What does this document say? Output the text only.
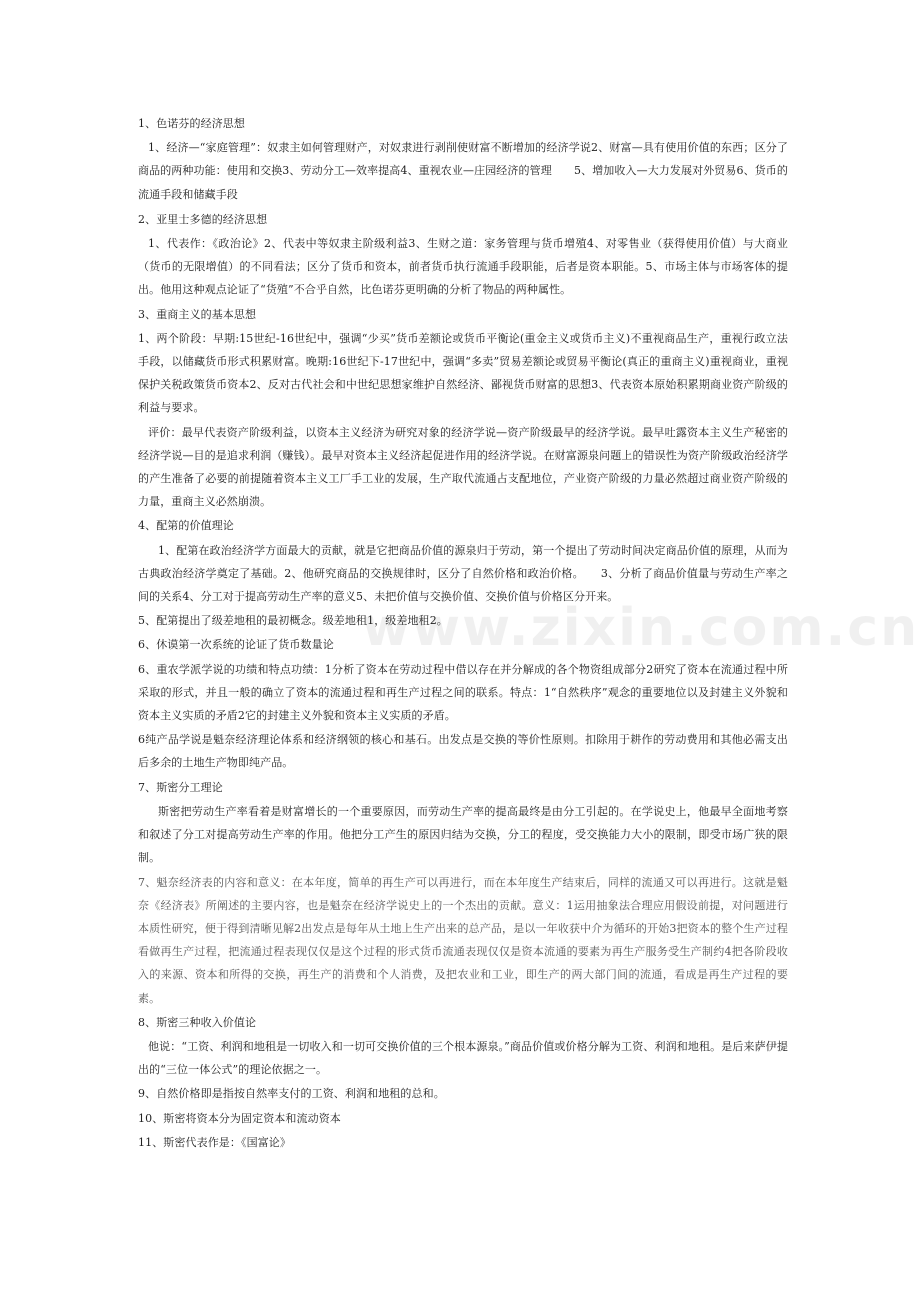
www.zixin.com.cn

1、色诺芬的经济思想

1、经济—“家庭管理”：奴隶主如何管理财产，对奴隶进行剥削使财富不断增加的经济学说2、财富—具有使用价值的东西；区分了商品的两种功能：使用和交换3、劳动分工—效率提高4、重视农业—庄园经济的管理　　5、增加收入—大力发展对外贸易6、货币的流通手段和储藏手段

2、亚里士多德的经济思想

1、代表作：《政治论》2、代表中等奴隶主阶级利益3、生财之道：家务管理与货币增殖4、对零售业（获得使用价值）与大商业（货币的无限增值）的不同看法；区分了货币和资本，前者货币执行流通手段职能，后者是资本职能。5、市场主体与市场客体的提出。他用这种观点论证了“货殖”不合乎自然，比色诺芬更明确的分析了物品的两种属性。

3、重商主义的基本思想

1、两个阶段：早期:15世纪-16世纪中，强调“少买”货币差额论或货币平衡论(重金主义或货币主义)不重视商品生产，重视行政立法手段，以储藏货币形式积累财富。晚期:16世纪下-17世纪中，强调“多卖”贸易差额论或贸易平衡论(真正的重商主义)重视商业，重视保护关税政策货币资本2、反对古代社会和中世纪思想家维护自然经济、鄙视货币财富的思想3、代表资本原始积累期商业资产阶级的利益与要求。

评价：最早代表资产阶级利益，以资本主义经济为研究对象的经济学说—资产阶级最早的经济学说。最早吐露资本主义生产秘密的经济学说—目的是追求利润（赚钱）。最早对资本主义经济起促进作用的经济学说。在财富源泉问题上的错误性为资产阶级政治经济学的产生准备了必要的前提随着资本主义工厂手工业的发展，生产取代流通占支配地位，产业资产阶级的力量必然超过商业资产阶级的力量，重商主义必然崩溃。

4、配第的价值理论

1、配第在政治经济学方面最大的贡献，就是它把商品价值的源泉归于劳动，第一个提出了劳动时间决定商品价值的原理，从而为古典政治经济学奠定了基础。2、他研究商品的交换规律时，区分了自然价格和政治价格。　　3、分析了商品价值量与劳动生产率之间的关系4、分工对于提高劳动生产率的意义5、未把价值与交换价值、交换价值与价格区分开来。

5、配第提出了级差地租的最初概念。级差地租1，级差地租2。

6、休谟第一次系统的论证了货币数量论

6、重农学派学说的功绩和特点功绩：1分析了资本在劳动过程中借以存在并分解成的各个物资组成部分2研究了资本在流通过程中所采取的形式，并且一般的确立了资本的流通过程和再生产过程之间的联系。特点：1“自然秩序”观念的重要地位以及封建主义外貌和资本主义实质的矛盾2它的封建主义外貌和资本主义实质的矛盾。

6纯产品学说是魁奈经济理论体系和经济纲领的核心和基石。出发点是交换的等价性原则。扣除用于耕作的劳动费用和其他必需支出后多余的土地生产物即纯产品。

7、斯密分工理论

斯密把劳动生产率看着是财富增长的一个重要原因，而劳动生产率的提高最终是由分工引起的。在学说史上，他最早全面地考察和叙述了分工对提高劳动生产率的作用。他把分工产生的原因归结为交换，分工的程度，受交换能力大小的限制，即受市场广狭的限制。

7、魁奈经济表的内容和意义：在本年度，简单的再生产可以再进行，而在本年度生产结束后，同样的流通又可以再进行。这就是魁奈《经济表》所阐述的主要内容，也是魁奈在经济学说史上的一个杰出的贡献。意义：1运用抽象法合理应用假设前提，对问题进行本质性研究，便于得到清晰见解2出发点是每年从土地上生产出来的总产品，是以一年收获中介为循环的开始3把资本的整个生产过程看做再生产过程，把流通过程表现仅仅是这个过程的形式货币流通表现仅仅是资本流通的要素为再生产服务受生产制约4把各阶段收入的来源、资本和所得的交换，再生产的消费和个人消费，及把农业和工业，即生产的两大部门间的流通，看成是再生产过程的要素。

8、斯密三种收入价值论

他说：“工资、利润和地租是一切收入和一切可交换价值的三个根本源泉。”商品价值或价格分解为工资、利润和地租。是后来萨伊提出的“三位一体公式”的理论依据之一。

9、自然价格即是指按自然率支付的工资、利润和地租的总和。

10、斯密将资本分为固定资本和流动资本

11、斯密代表作是：《国富论》
